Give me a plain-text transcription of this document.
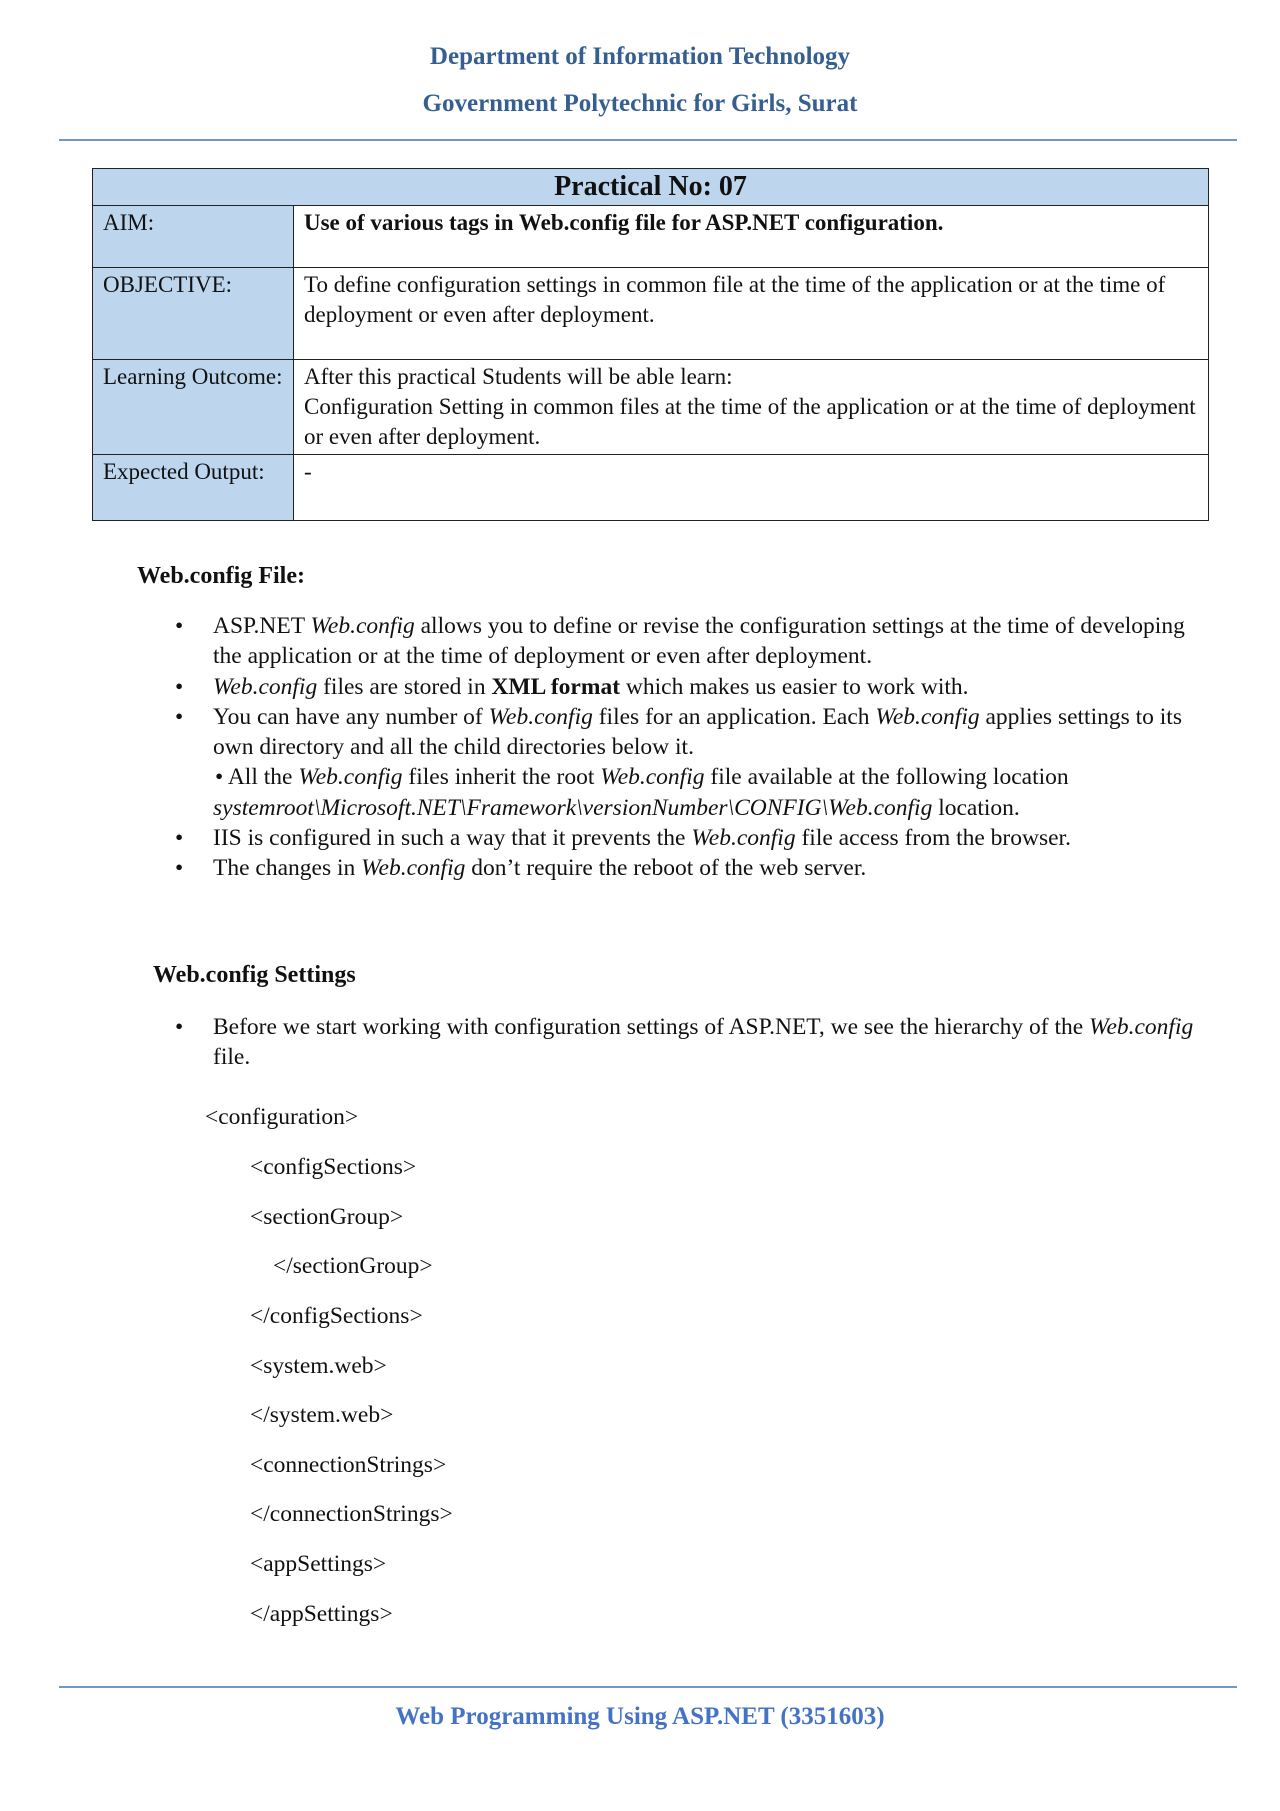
Department of Information Technology
Government Polytechnic for Girls, Surat
Practical No: 07	
AIM:	Use of various tags in Web.config file for ASP.NET configuration.
OBJECTIVE:	To define configuration settings in common file at the time of the application or at the time of deployment or even after deployment.
Learning Outcome:	After this practical Students will be able learn:
Configuration Setting in common files at the time of the application or at the time of deployment or even after deployment.

Expected Output:	-
Web.config File:
• ASP.NET Web.config allows you to define or revise the configuration settings at the time of developing the application or at the time of deployment or even after deployment.
• Web.config files are stored in XML format which makes us easier to work with.
• You can have any number of Web.config files for an application. Each Web.config applies settings to its own directory and all the child directories below it.
• All the Web.config files inherit the root Web.config file available at the following location systemroot\Microsoft.NET\Framework\versionNumber\CONFIG\Web.config location.
• IIS is configured in such a way that it prevents the Web.config file access from the browser.
• The changes in Web.config don’t require the reboot of the web server.
Web.config Settings
• Before we start working with configuration settings of ASP.NET, we see the hierarchy of the Web.config file.
<configuration>
<configSections>
<sectionGroup>
</sectionGroup>
</configSections>
<system.web>
</system.web>
<connectionStrings>
</connectionStrings>
<appSettings>
</appSettings>
Web Programming Using ASP.NET (3351603)
